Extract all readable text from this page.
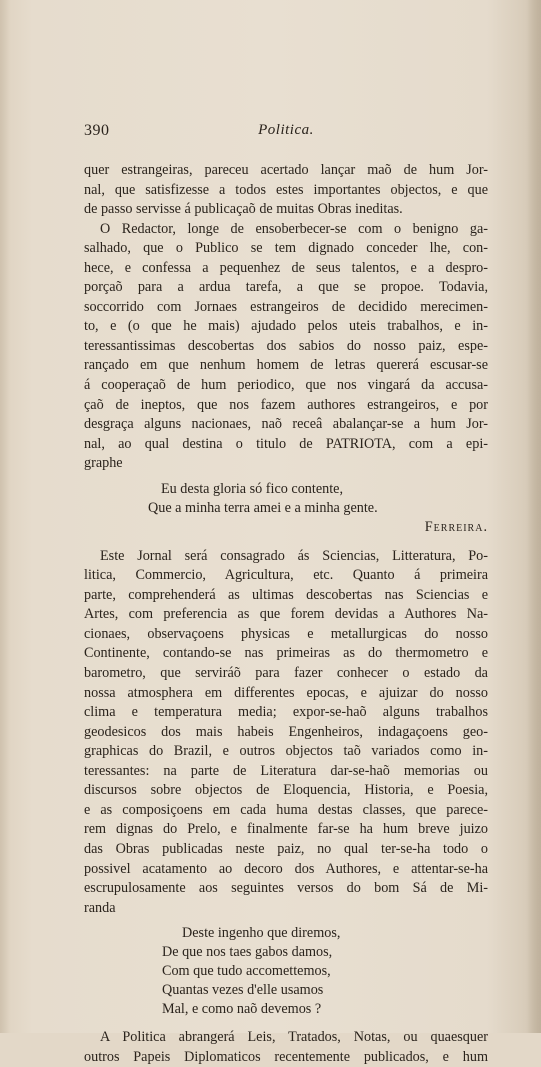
390	Politica.
quer estrangeiras, pareceu acertado lançar maõ de hum Jor-
nal, que satisfizesse a todos estes importantes objectos, e que
de passo servisse á publicaçaõ de muitas Obras ineditas.
O Redactor, longe de ensoberbecer-se com o benigno ga-
salhado, que o Publico se tem dignado conceder lhe, con-
hece, e confessa a pequenhez de seus talentos, e a despro-
porçaõ para a ardua tarefa, a que se propoe. Todavia,
soccorrido com Jornaes estrangeiros de decidido merecimen-
to, e (o que he mais) ajudado pelos uteis trabalhos, e in-
teressantissimas descobertas dos sabios do nosso paiz, espe-
rançado em que nenhum homem de letras quererá escusar-se
á cooperaçaõ de hum periodico, que nos vingará da accusa-
çaõ de ineptos, que nos fazem authores estrangeiros, e por
desgraça alguns nacionaes, naõ receâ abalançar-se a hum Jor-
nal, ao qual destina o titulo de PATRIOTA, com a epi-
graphe
Eu desta gloria só fico contente,
Que a minha terra amei e a minha gente.
Ferreira.
Este Jornal será consagrado ás Sciencias, Litteratura, Po-
litica, Commercio, Agricultura, etc. Quanto á primeira
parte, comprehenderá as ultimas descobertas nas Sciencias e
Artes, com preferencia as que forem devidas a Authores Na-
cionaes, observaçoens physicas e metallurgicas do nosso
Continente, contando-se nas primeiras as do thermometro e
barometro, que serviráõ para fazer conhecer o estado da
nossa atmosphera em differentes epocas, e ajuizar do nosso
clima e temperatura media; expor-se-haõ alguns trabalhos
geodesicos dos mais habeis Engenheiros, indagaçoens geo-
graphicas do Brazil, e outros objectos taõ variados como in-
teressantes: na parte de Literatura dar-se-haõ memorias ou
discursos sobre objectos de Eloquencia, Historia, e Poesia,
e as composiçoens em cada huma destas classes, que parece-
rem dignas do Prelo, e finalmente far-se ha hum breve juizo
das Obras publicadas neste paiz, no qual ter-se-ha todo o
possivel acatamento ao decoro dos Authores, e attentar-se-ha
escrupulosamente aos seguintes versos do bom Sá de Mi-
randa
Deste ingenho que diremos,
De que nos taes gabos damos,
Com que tudo accomettemos,
Quantas vezes d'elle usamos
Mal, e como naõ devemos ?
A Politica abrangerá Leis, Tratados, Notas, ou quaesquer
outros Papeis Diplomaticos recentemente publicados, e hum
